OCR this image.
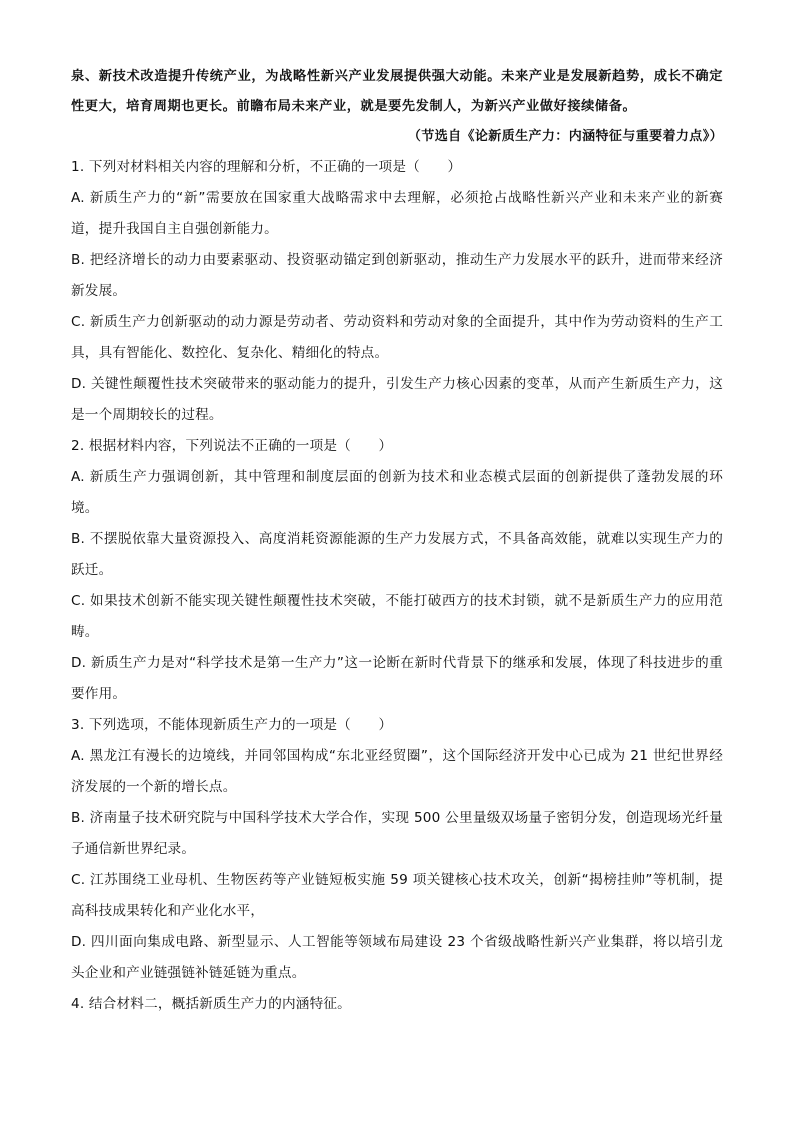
泉、新技术改造提升传统产业，为战略性新兴产业发展提供强大动能。未来产业是发展新趋势，成长不确定性更大，培育周期也更长。前瞻布局未来产业，就是要先发制人，为新兴产业做好接续储备。

（节选自《论新质生产力：内涵特征与重要着力点》）

1. 下列对材料相关内容的理解和分析，不正确的一项是（　　）

A. 新质生产力的“新”需要放在国家重大战略需求中去理解，必须抢占战略性新兴产业和未来产业的新赛道，提升我国自主自强创新能力。

B. 把经济增长的动力由要素驱动、投资驱动锚定到创新驱动，推动生产力发展水平的跃升，进而带来经济新发展。

C. 新质生产力创新驱动的动力源是劳动者、劳动资料和劳动对象的全面提升，其中作为劳动资料的生产工具，具有智能化、数控化、复杂化、精细化的特点。

D. 关键性颠覆性技术突破带来的驱动能力的提升，引发生产力核心因素的变革，从而产生新质生产力，这是一个周期较长的过程。

2. 根据材料内容，下列说法不正确的一项是（　　）

A. 新质生产力强调创新，其中管理和制度层面的创新为技术和业态模式层面的创新提供了蓬勃发展的环境。

B. 不摆脱依靠大量资源投入、高度消耗资源能源的生产力发展方式，不具备高效能，就难以实现生产力的跃迁。

C. 如果技术创新不能实现关键性颠覆性技术突破，不能打破西方的技术封锁，就不是新质生产力的应用范畴。

D. 新质生产力是对“科学技术是第一生产力”这一论断在新时代背景下的继承和发展，体现了科技进步的重要作用。

3. 下列选项，不能体现新质生产力的一项是（　　）

A. 黑龙江有漫长的边境线，并同邻国构成“东北亚经贸圈”，这个国际经济开发中心已成为 21 世纪世界经济发展的一个新的增长点。

B. 济南量子技术研究院与中国科学技术大学合作，实现 500 公里量级双场量子密钥分发，创造现场光纤量子通信新世界纪录。

C. 江苏围绕工业母机、生物医药等产业链短板实施 59 项关键核心技术攻关，创新“揭榜挂帅”等机制，提高科技成果转化和产业化水平，

D. 四川面向集成电路、新型显示、人工智能等领域布局建设 23 个省级战略性新兴产业集群，将以培引龙头企业和产业链强链补链延链为重点。

4. 结合材料二，概括新质生产力的内涵特征。
